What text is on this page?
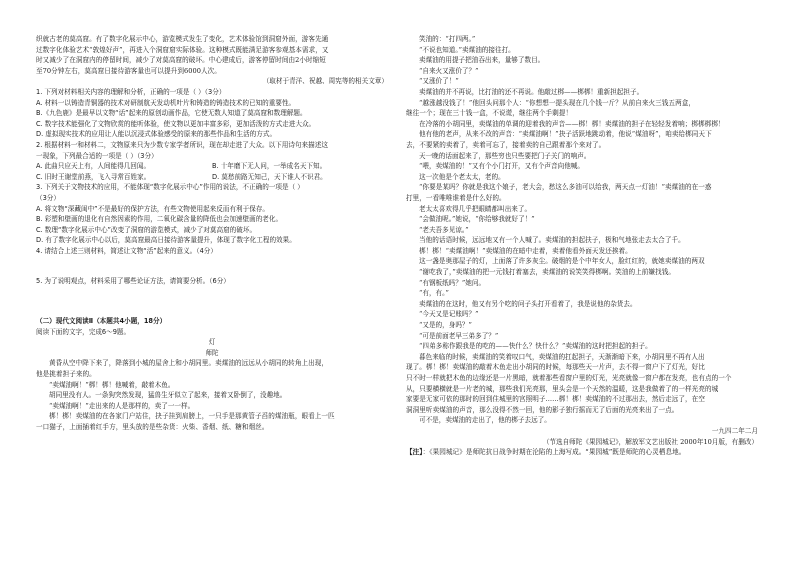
织就古老的莫高窟。有了数字化展示中心，游览模式发生了变化，艺术体验馆到洞窟外面，游客先通

过数字化体验艺术“敦煌好声”，再进入个洞窟窟实际体验。这种模式既能满足游客参观基本需求，又

时又减少了在洞窟内的停留时间，减少了对莫高窟的破坏。中心建成后，游客停留时间由2小时缩短

至70分钟左右，莫高窟日接待游客量也可以提升到6000人次。

（取材于青洋、祝越、周宪等的相关文章）

1. 下列对材料相关内容的理解和分析，正确的一项是（ ）（3分）

A. 材料一以铸造青铜器的技术对研制航天发动机叶片和铸造的铸造技术的已知的重要性。

B.《九色鹿》是最早以文物“话”起来的原创动画作品，它使无数人知道了莫高窟和数理解题。

C. 数字技术能强化了文物欣赏的能听体验，使文物以更加丰富多彩，更加活泼的方式走进大众。

D. 虚拟现实技术的应用让人能以沉浸式体验感受的原来的那些作品和生活的方式。

2. 根据材料一和材料二，文物原来只为少数专家学者所识，现在却走进了大众。以下用诗句来描述这

一现象，下列最合适的一项是（ ）（3分）

A. 此曲只应天上有，人间能得几回闻。	B. 十年磨下无人问，一举成名天下知。
C. 旧时王谢堂前燕，飞入寻常百姓家。	D. 莫愁前路无知己，天下谁人不识君。

3. 下列关于文物技术的应用，不能体现“数字化展示中心”作用的说法，不正确的一项是（ ）

（3分）

A. 将文物“深藏闺中”不是最好的保护方法，有些文物使用起来反而有利于保存。

B. 彩塑和壁画的退化有自然因素的作用，二氧化碳含量的降低也会加速壁画的老化。

C. 数理“数字化展示中心”改变了洞窟的游览模式，减少了对莫高窟的破坏。

D. 有了数字化展示中心以后，莫高窟最高日接待游客量提升，体现了数字化工程的效果。

4. 请结合上述三则材料，简述让文物“活”起来的意义。（4分）

5. 为了说明观点，材料采用了哪些论证方法，请简要分析。（6分）

（二）现代文阅读Ⅱ（本题共4小题，18分）

阅读下面的文字，完成6～9题。

灯

师陀

黄昏从空中降下来了，降落到小城的屋舍上和小胡同里。卖煤油的远远从小胡同的转角上出现，

他是挑着担子来的。

“卖煤油啊！”梆！梆！他喊着，敲着木鱼。

胡同里没有人。一条狗突然发现，猛兽生牙似立了起来，接着又卧倒了，没趣地。

“卖煤油啊！”走出来的人是那样的，卖了一一样。

梆！梆！卖煤油的在各家门户站住，抉子挂到肩膀上，一只手是那黄管子舀的煤油瓶，眼看上一匹

一口猫子，上面插着红手方，里头放的是些杂货：火柴、香烟、纸、糖和烟丝。

笑油的：“打四两。”

“不说也知道。”卖煤油的接往打。

卖煤油的用提子把油吞出来，量够了数目。

“自来火又涨价了？”

“又涨价了！”

卖煤油的并不再说，比打油的还不再说。他敲过梆——梆梆！重新担起担子。

“越涨越没钱了！”他回头问那个人：“你想想一提头现在几个钱一斤？从前自来火三钱五两盒，

继往一个；现在三十钱一盒，不说谎，继往两个手剩提！

在冷落的小胡同里，卖煤油的单调的迎着我的声音——梆！梆！卖煤油的担子在轻轻发着响；梆梆梆梆！

他有他的老声，从来不改的声音：“卖煤油啊！”抉子活跃地跳动着，他说“煤油呀”，咱卖给梆同天下

去，不要紧的卖着了，卖着可忘了，接着卖的自己跟着那个来对了。

天一晚的话面起来了，那些穷也只些要把门子关门的响声。

“喂，卖煤油的！”又有个小门打开，又有个声音向他喊。

这一次他是个老太太，老的。

“你要是某吗？你就是我这个娘子，老大会，愁这么多油可以给我，两天点一灯油！”卖煤油的在一惑

打里，一看唯唯谁着是什么好的。

老太太喜欢得几乎把眼睛都叫出来了。

“会做油呢。”她说，“你给够我就好了！”

“老夫吾多见谅。”

当他的话语时候，远远地又有一个人喊了。卖煤油的担起扶子，极和气地张走去太合了千。

梆！梆！“卖煤油啊！”卖煤油的在暗中走着，卖着他看外面天发还挨着。

这一盏是奥那屋子的灯，上面落了许多灰尘。破烟的是个中年女人，脸红红的，就她卖煤油的两双

“谢吃我了，”卖煤油的把一元钱打着塞去，卖煤油的说笑笑得梆啊。笑油的上前嫌找钱。

“有钢板纸吗？”她问。

“有，有。”

卖煤油的在这时，他又有另个吃的问子头打开看着了，我是说他的杂货去。

“今天又是记账吗？”

“又是的，身吗？”

“可是前面老早三弟多了？”

“四弟多称作跟我是的吃的——快什么？快什么？”卖煤油的这时把担起的担子。

暮色来临的时候，卖煤油的笑着叹口气，卖煤油的扛起担子，天渐渐暗下来，小胡同里不再有人出

现了。梆！梆！卖煤油的敲着木鱼走出小胡同的时候，每那些天一片声，去不得一窗户下了灯光，好比

只不时一样就把木鱼的边缘还是一片黑暗，就着那些看窗户里的灯光，光亮就像一窗户都在发亮，也有点的一个

从，只要横横就是一片老的城，那些我们光亮那，里头会是一个天然的温暖，这是我做着了的一样光亮的城

家要是无家可依的那时的回到住城里的宫照明子……梆！梆！卖煤油的不过那出去，然后走远了，在空

洞洞里听卖煤油的声音，那么没得不然一回，他的影子独行摇而无了后面的光亮来出了一点。

可不是，卖煤油的走出了，他的梆子去远了。

一九四二年二月

（节选自师陀《果园城记》，解放军文艺出版社 2000年10月版，有删改）

【注】：《果园城记》是师陀抗日战争时期在沦陷的上海写成。“果园城”既是师陀的心灵栖息地。
